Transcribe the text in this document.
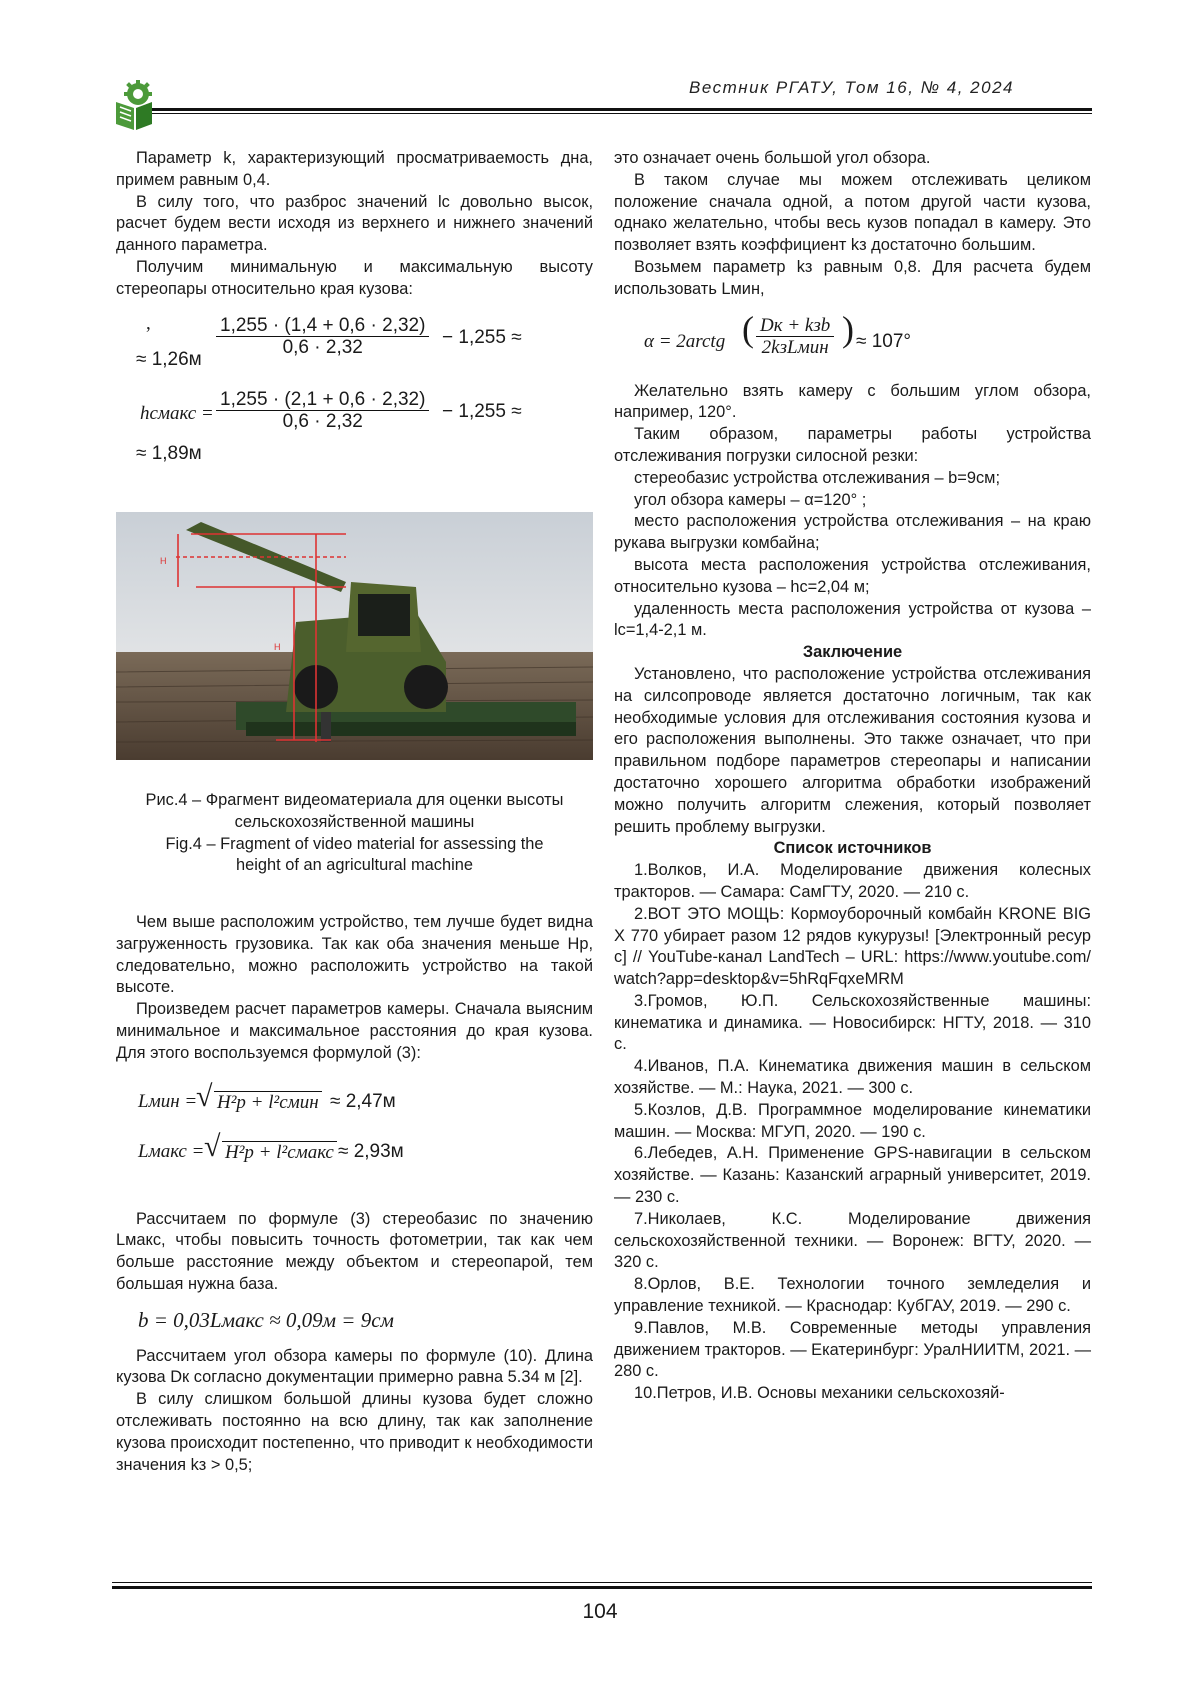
Вестник РГАТУ, Том 16, № 4, 2024

Параметр k, характеризующий просматриваемость дна, примем равным 0,4.

В силу того, что разброс значений lс довольно высок, расчет будем вести исходя из верхнего и нижнего значений данного параметра.

Получим минимальную и максимальную высоту стереопары относительно края кузова:

,	$\frac{1,255 \cdot (1,4 + 0,6 \cdot 2,32)}{0,6 \cdot 2,32} - 1,255$ ≈
≈ 1,26м
hсмакс = $\frac{1,255 \cdot (2,1 + 0,6 \cdot 2,32)}{0,6 \cdot 2,32} - 1,255$ ≈
≈ 1,89м
H
H
Рис.4 – Фрагмент видеоматериала для оценки высоты сельскохозяйственной машины
Fig.4 – Fragment of video material for assessing the height of an agricultural machine

Чем выше расположим устройство, тем лучше будет видна загруженность грузовика. Так как оба значения меньше Hр, следовательно, можно расположить устройство на такой высоте.

Произведем расчет параметров камеры. Сначала выясним минимальное и максимальное расстояния до края кузова. Для этого воспользуемся формулой (3):

Lмин = √ H²р + l²смин ≈ 2,47м
Lмакс = √ H²р + l²смакс ≈ 2,93м

Рассчитаем по формуле (3) стереобазис по значению Lмакс, чтобы повысить точность фотометрии, так как чем больше расстояние между объектом и стереопарой, тем большая нужна база.

b = 0,03Lмакс ≈ 0,09м = 9см

Рассчитаем угол обзора камеры по формуле (10). Длина кузова Dк согласно документации примерно равна 5.34 м [2].

В силу слишком большой длины кузова будет сложно отслеживать постоянно на всю длину, так как заполнение кузова происходит постепенно, что приводит к необходимости значения kз > 0,5;

это означает очень большой угол обзора.

В таком случае мы можем отслеживать целиком положение сначала одной, а потом другой части кузова, однако желательно, чтобы весь кузов попадал в камеру. Это позволяет взять коэффициент kз достаточно большим.

Возьмем параметр kз равным 0,8. Для расчета будем использовать Lмин,

α = 2arctg ( Dк + kзb
2kзLмин ) ≈ 107°

Желательно взять камеру с большим углом обзора, например, 120°.

Таким образом, параметры работы устройства отслеживания погрузки силосной резки:

стереобазис устройства отслеживания – b=9см;

угол обзора камеры – α=120° ;

место расположения устройства отслеживания – на краю рукава выгрузки комбайна;

высота места расположения устройства отслеживания, относительно кузова – hс=2,04 м;

удаленность места расположения устройства от кузова – lс=1,4-2,1 м.

Заключение

Установлено, что расположение устройства отслеживания на силсопроводе является достаточно логичным, так как необходимые условия для отслеживания состояния кузова и его расположения выполнены. Это также означает, что при правильном подборе параметров стереопары и написании достаточно хорошего алгоритма обработки изображений можно получить алгоритм слежения, который позволяет решить проблему выгрузки.

Список источников

1.Волков, И.А. Моделирование движения колесных тракторов. — Самара: СамГТУ, 2020. — 210 с.

2.ВОТ ЭТО МОЩЬ: Кормоуборочный комбайн KRONE BIG X 770 убирает разом 12 рядов кукурузы! [Электронный ресурс] // YouTube-канал LandTech – URL: https://www.youtube.com/watch?app=desktop&v=5hRqFqxeMRM

3.Громов, Ю.П. Сельскохозяйственные машины: кинематика и динамика. — Новосибирск: НГТУ, 2018. — 310 с.

4.Иванов, П.А. Кинематика движения машин в сельском хозяйстве. — М.: Наука, 2021. — 300 с.

5.Козлов, Д.В. Программное моделирование кинематики машин. — Москва: МГУП, 2020. — 190 с.

6.Лебедев, А.Н. Применение GPS-навигации в сельском хозяйстве. — Казань: Казанский аграрный университет, 2019. — 230 с.

7.Николаев, К.С. Моделирование движения сельскохозяйственной техники. — Воронеж: ВГТУ, 2020. — 320 с.

8.Орлов, В.Е. Технологии точного земледелия и управление техникой. — Краснодар: КубГАУ, 2019. — 290 с.

9.Павлов, М.В. Современные методы управления движением тракторов. — Екатеринбург: УралНИИТМ, 2021. — 280 с.

10.Петров, И.В. Основы механики сельскохозяй-

104
